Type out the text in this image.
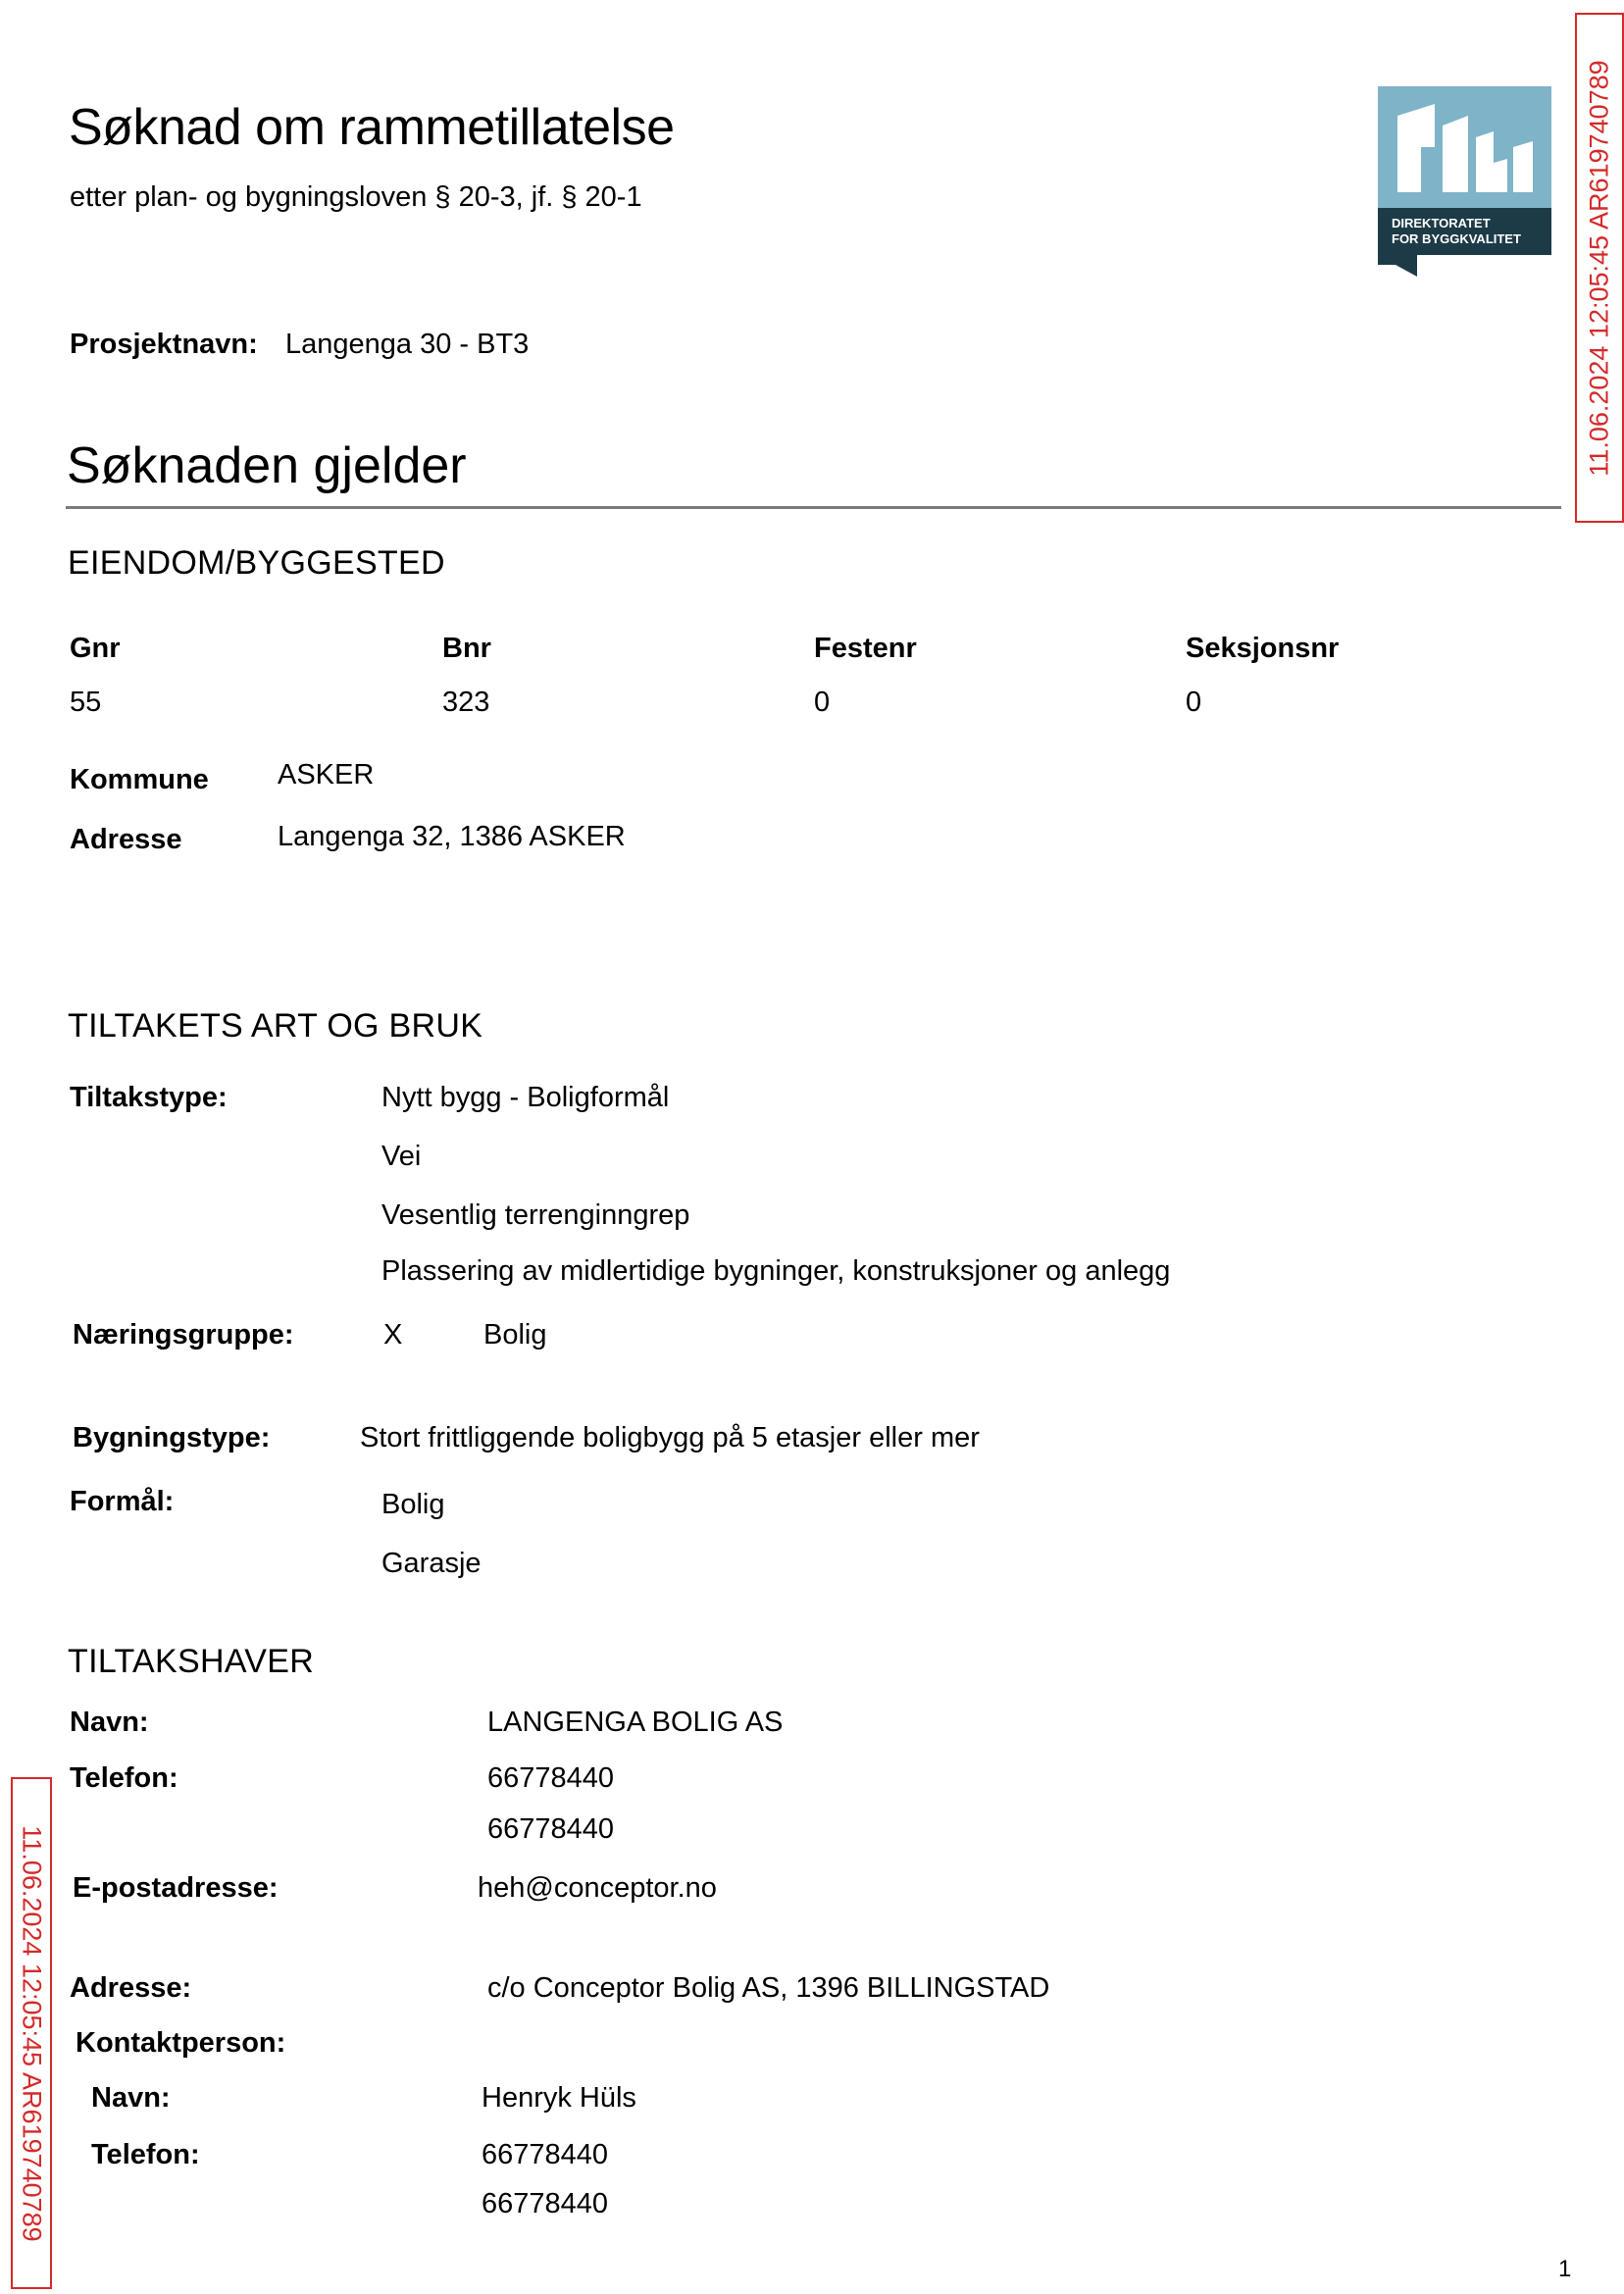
Søknad om rammetillatelse
etter plan- og bygningsloven § 20-3, jf. § 20-1
DIREKTORATET
FOR BYGGKVALITET 11.06.2024 12:05:45 AR619740789
11.06.2024 12:05:45 AR619740789
Prosjektnavn: Langenga 30 - BT3
Søknaden gjelder
EIENDOM/BYGGESTED
Gnr	Bnr	Festenr	Seksjonsnr
55	323	0	0
Kommune ASKER
Adresse	Langenga 32, 1386 ASKER
TILTAKETS ART OG BRUK
Tiltakstype:	Nytt bygg - Boligformål
Vei
Vesentlig terrenginngrep
Plassering av midlertidige bygninger, konstruksjoner og anlegg
Næringsgruppe:	X	Bolig
Bygningstype:	Stort frittliggende boligbygg på 5 etasjer eller mer
Formål:	Bolig
Garasje
TILTAKSHAVER
Navn:	LANGENGA BOLIG AS
Telefon:	66778440
66778440
E-postadresse:	heh@conceptor.no
Adresse:	c/o Conceptor Bolig AS, 1396 BILLINGSTAD
Kontaktperson:
Navn:	Henryk Hüls
Telefon:	66778440
66778440
1
